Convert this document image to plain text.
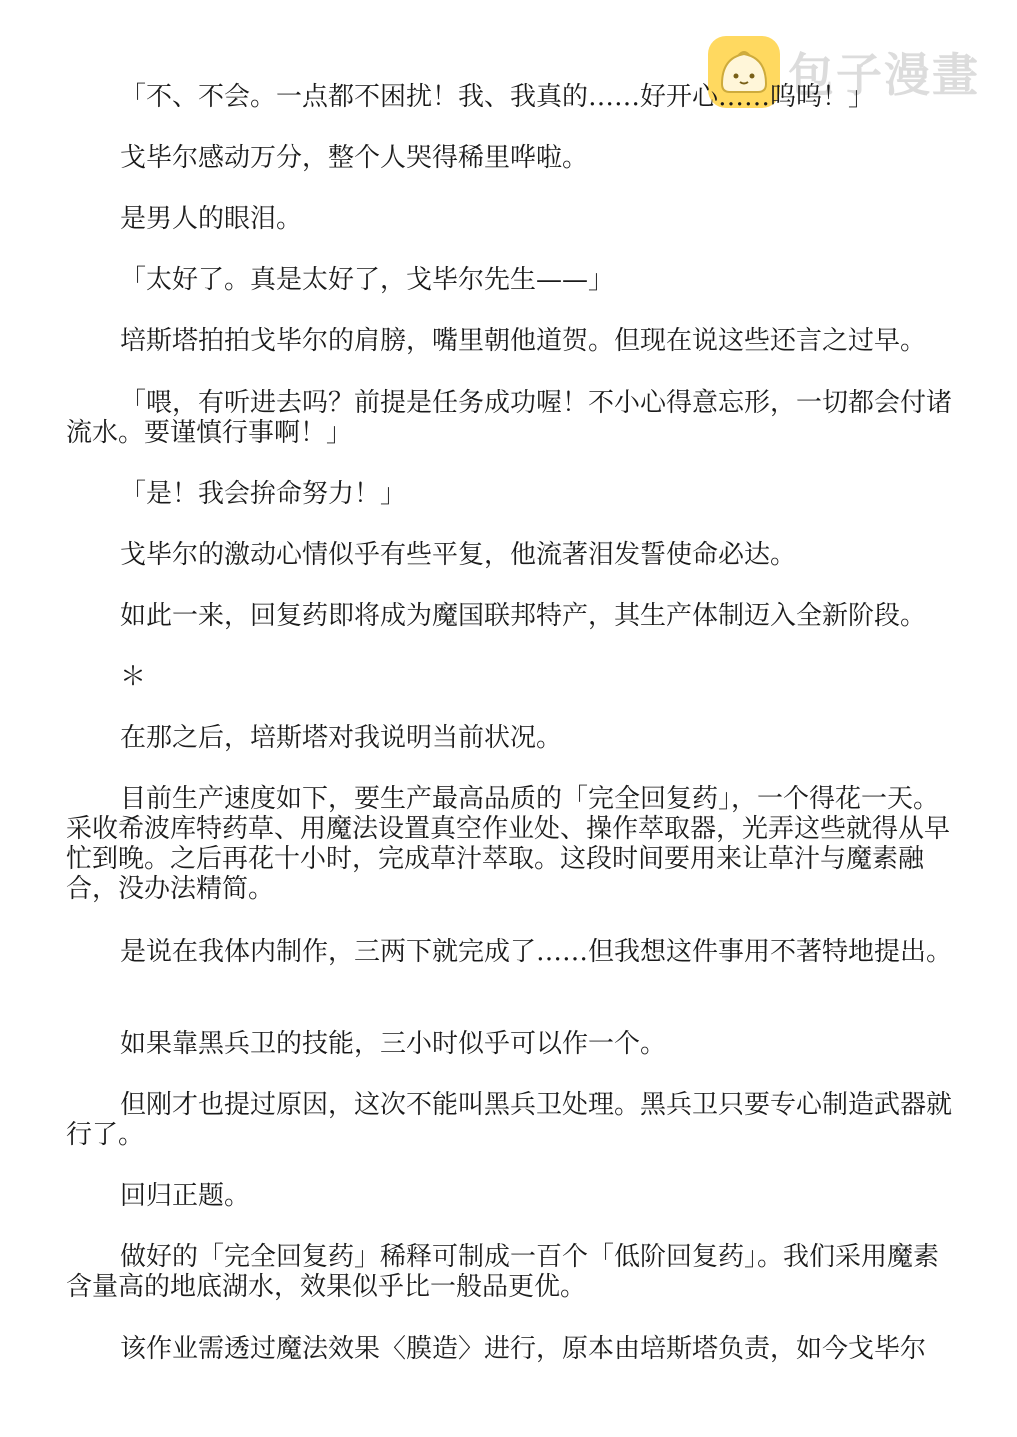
包子漫畫

「不、不会。一点都不困扰！我、我真的……好开心……呜呜！」

戈毕尔感动万分，整个人哭得稀里哗啦。

是男人的眼泪。

「太好了。真是太好了，戈毕尔先生——」

培斯塔拍拍戈毕尔的肩膀，嘴里朝他道贺。但现在说这些还言之过早。

「喂，有听进去吗？前提是任务成功喔！不小心得意忘形，一切都会付诸流水。要谨慎行事啊！」

「是！我会拚命努力！」

戈毕尔的激动心情似乎有些平复，他流著泪发誓使命必达。

如此一来，回复药即将成为魔国联邦特产，其生产体制迈入全新阶段。

＊

在那之后，培斯塔对我说明当前状况。

目前生产速度如下，要生产最高品质的「完全回复药」，一个得花一天。采收希波库特药草、用魔法设置真空作业处、操作萃取器，光弄这些就得从早忙到晚。之后再花十小时，完成草汁萃取。这段时间要用来让草汁与魔素融合，没办法精简。

是说在我体内制作，三两下就完成了……但我想这件事用不著特地提出。

如果靠黑兵卫的技能，三小时似乎可以作一个。

但刚才也提过原因，这次不能叫黑兵卫处理。黑兵卫只要专心制造武器就行了。

回归正题。

做好的「完全回复药」稀释可制成一百个「低阶回复药」。我们采用魔素含量高的地底湖水，效果似乎比一般品更优。

该作业需透过魔法效果〈膜造〉进行，原本由培斯塔负责，如今戈毕尔
